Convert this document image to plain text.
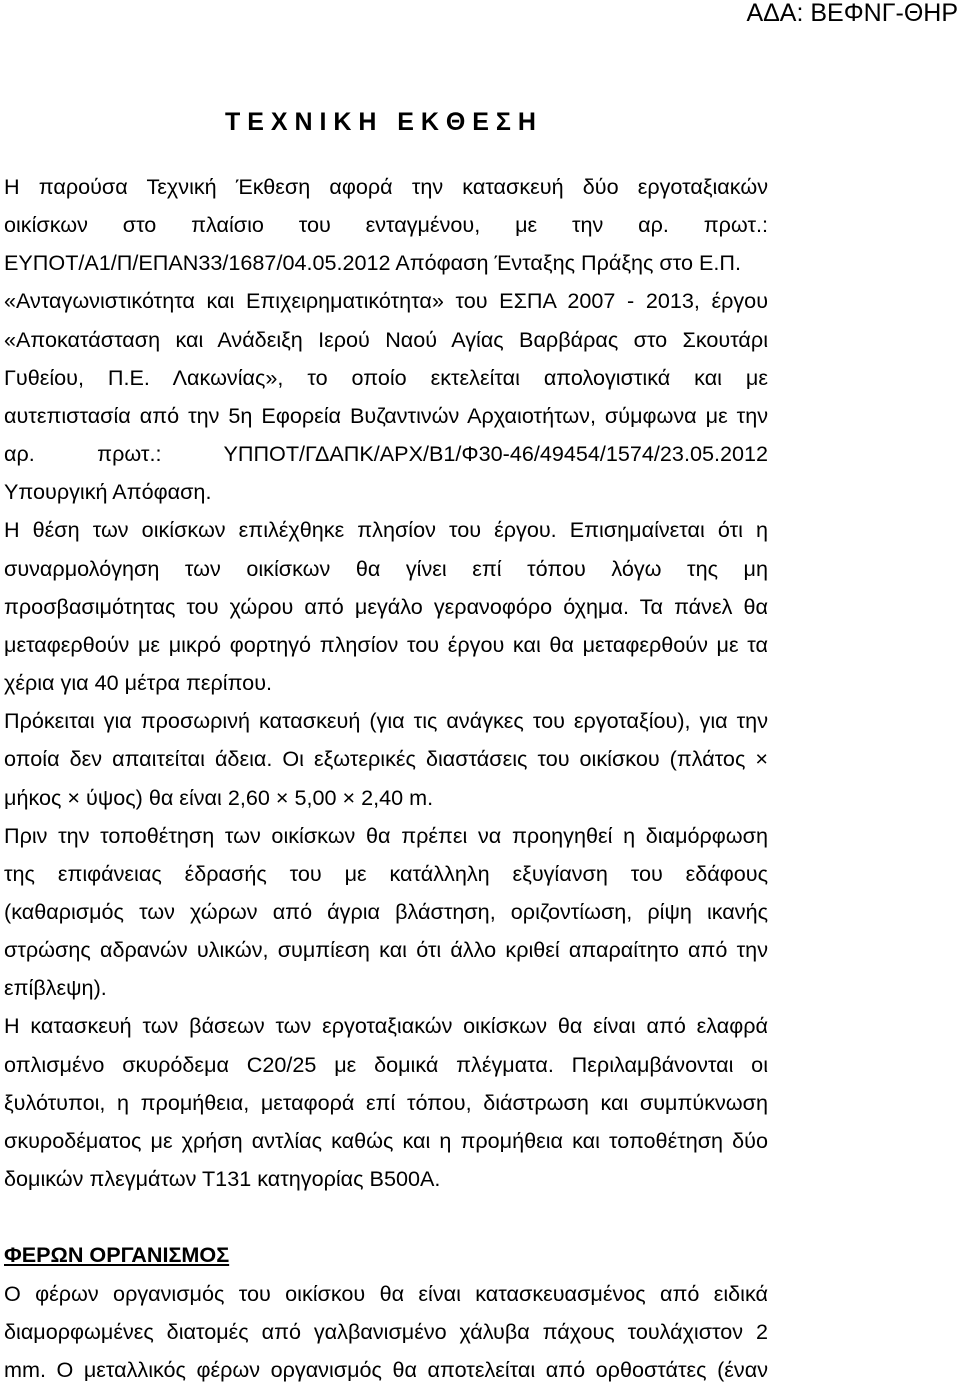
ΑΔΑ: ΒΕΦΝΓ-ΘΗΡ
Τ Ε Χ Ν Ι Κ Η   Ε Κ Θ Ε Σ Η
Η παρούσα Τεχνική Έκθεση αφορά την κατασκευή δύο εργοταξιακών
οικίσκων στο πλαίσιο του ενταγμένου, με την αρ. πρωτ.:
ΕΥΠΟΤ/Α1/Π/ΕΠΑΝ33/1687/04.05.2012 Απόφαση Ένταξης Πράξης στο Ε.Π.
«Ανταγωνιστικότητα και Επιχειρηματικότητα» του ΕΣΠΑ 2007 - 2013, έργου
«Αποκατάσταση και Ανάδειξη Ιερού Ναού Αγίας Βαρβάρας στο Σκουτάρι
Γυθείου, Π.Ε. Λακωνίας», το οποίο εκτελείται απολογιστικά και με
αυτεπιστασία από την 5η Εφορεία Βυζαντινών Αρχαιοτήτων, σύμφωνα με την
αρ. πρωτ.: ΥΠΠΟΤ/ΓΔΑΠΚ/ΑΡΧ/Β1/Φ30-46/49454/1574/23.05.2012
Υπουργική Απόφαση.
Η θέση των οικίσκων επιλέχθηκε πλησίον του έργου. Επισημαίνεται ότι η
συναρμολόγηση των οικίσκων θα γίνει επί τόπου λόγω της μη
προσβασιμότητας του χώρου από μεγάλο γερανοφόρο όχημα. Τα πάνελ θα
μεταφερθούν με μικρό φορτηγό πλησίον του έργου και θα μεταφερθούν με τα
χέρια για 40 μέτρα περίπου.
Πρόκειται για προσωρινή κατασκευή (για τις ανάγκες του εργοταξίου), για την
οποία δεν απαιτείται άδεια. Οι εξωτερικές διαστάσεις του οικίσκου (πλάτος ×
μήκος × ύψος) θα είναι 2,60 × 5,00 × 2,40 m.
Πριν την τοποθέτηση των οικίσκων θα πρέπει να προηγηθεί η διαμόρφωση
της επιφάνειας έδρασής του με κατάλληλη εξυγίανση του εδάφους
(καθαρισμός των χώρων από άγρια βλάστηση, οριζοντίωση, ρίψη ικανής
στρώσης αδρανών υλικών, συμπίεση και ότι άλλο κριθεί απαραίτητο από την
επίβλεψη).
Η κατασκευή των βάσεων των εργοταξιακών οικίσκων θα είναι από ελαφρά
οπλισμένο σκυρόδεμα C20/25 με δομικά πλέγματα. Περιλαμβάνονται οι
ξυλότυποι, η προμήθεια, μεταφορά επί τόπου, διάστρωση και συμπύκνωση
σκυροδέματος με χρήση αντλίας καθώς και η προμήθεια και τοποθέτηση δύο
δομικών πλεγμάτων Τ131 κατηγορίας Β500Α.
ΦΕΡΩΝ ΟΡΓΑΝΙΣΜΟΣ
Ο φέρων οργανισμός του οικίσκου θα είναι κατασκευασμένος από ειδικά
διαμορφωμένες διατομές από γαλβανισμένο χάλυβα πάχους τουλάχιστον 2
mm. Ο μεταλλικός φέρων οργανισμός θα αποτελείται από ορθοστάτες (έναν
